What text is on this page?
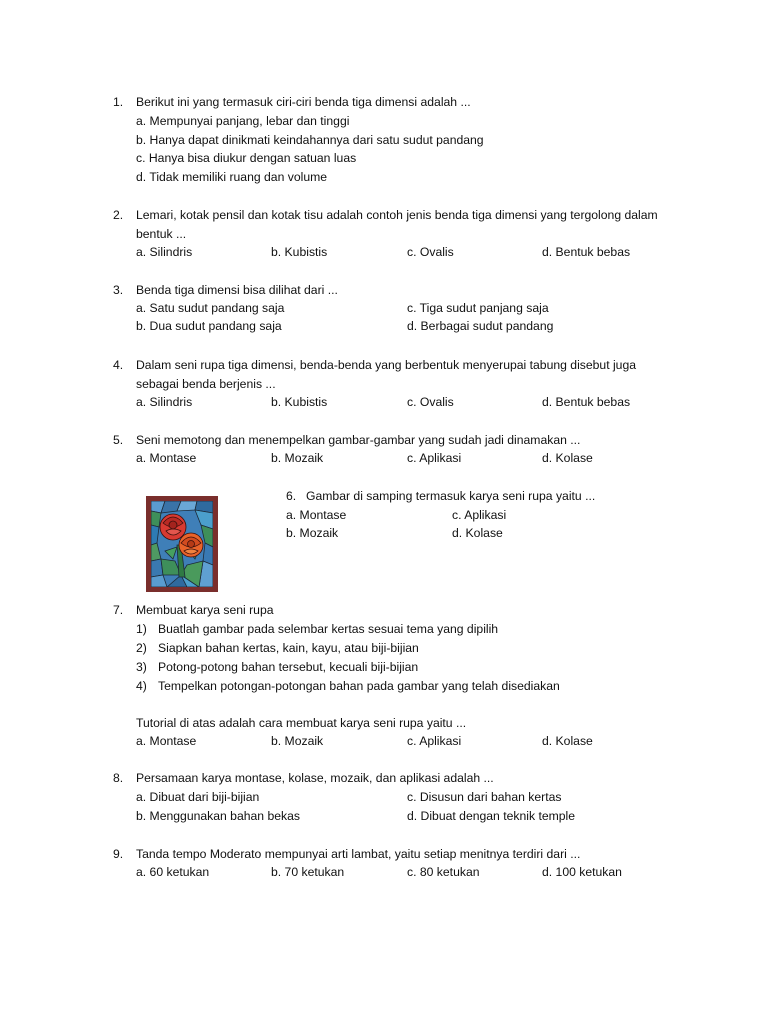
1. Berikut ini yang termasuk ciri-ciri benda tiga dimensi adalah ...
a. Mempunyai panjang, lebar dan tinggi
b. Hanya dapat dinikmati keindahannya dari satu sudut pandang
c. Hanya bisa diukur dengan satuan luas
d. Tidak memiliki ruang dan volume
2. Lemari, kotak pensil dan kotak tisu adalah contoh jenis benda tiga dimensi yang tergolong dalam
bentuk ...
a. Silindris	b. Kubistis	c. Ovalis	d. Bentuk bebas
3. Benda tiga dimensi bisa dilihat dari ...
a. Satu sudut pandang saja	c. Tiga sudut panjang saja
b. Dua sudut pandang saja	d. Berbagai sudut pandang
4. Dalam seni rupa tiga dimensi, benda-benda yang berbentuk menyerupai tabung disebut juga
sebagai benda berjenis ...
a. Silindris	b. Kubistis	c. Ovalis	d. Bentuk bebas
5. Seni memotong dan menempelkan gambar-gambar yang sudah jadi dinamakan ...
a. Montase	b. Mozaik	c. Aplikasi	d. Kolase
6. Gambar di samping termasuk karya seni rupa yaitu ...
a. Montase	c. Aplikasi
b. Mozaik	d. Kolase
7. Membuat karya seni rupa
1) Buatlah gambar pada selembar kertas sesuai tema yang dipilih
2) Siapkan bahan kertas, kain, kayu, atau biji-bijian
3) Potong-potong bahan tersebut, kecuali biji-bijian
4) Tempelkan potongan-potongan bahan pada gambar yang telah disediakan
Tutorial di atas adalah cara membuat karya seni rupa yaitu ...
a. Montase	b. Mozaik	c. Aplikasi	d. Kolase
8. Persamaan karya montase, kolase, mozaik, dan aplikasi adalah ...
a. Dibuat dari biji-bijian	c. Disusun dari bahan kertas
b. Menggunakan bahan bekas	d. Dibuat dengan teknik temple
9. Tanda tempo Moderato mempunyai arti lambat, yaitu setiap menitnya terdiri dari ...
a. 60 ketukan	b. 70 ketukan	c. 80 ketukan	d. 100 ketukan
